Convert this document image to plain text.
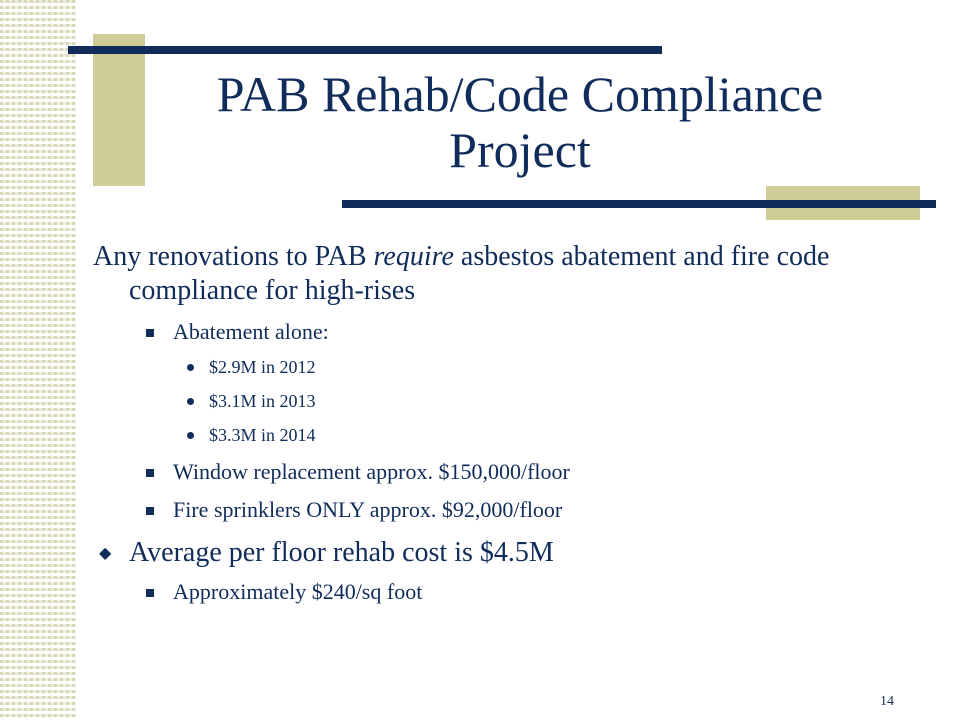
PAB Rehab/Code Compliance Project
Any renovations to PAB require asbestos abatement and fire code compliance for high-rises
Abatement alone:
$2.9M in 2012
$3.1M in 2013
$3.3M in 2014
Window replacement approx. $150,000/floor
Fire sprinklers ONLY approx. $92,000/floor
◆ Average per floor rehab cost is $4.5M
Approximately $240/sq foot
14
